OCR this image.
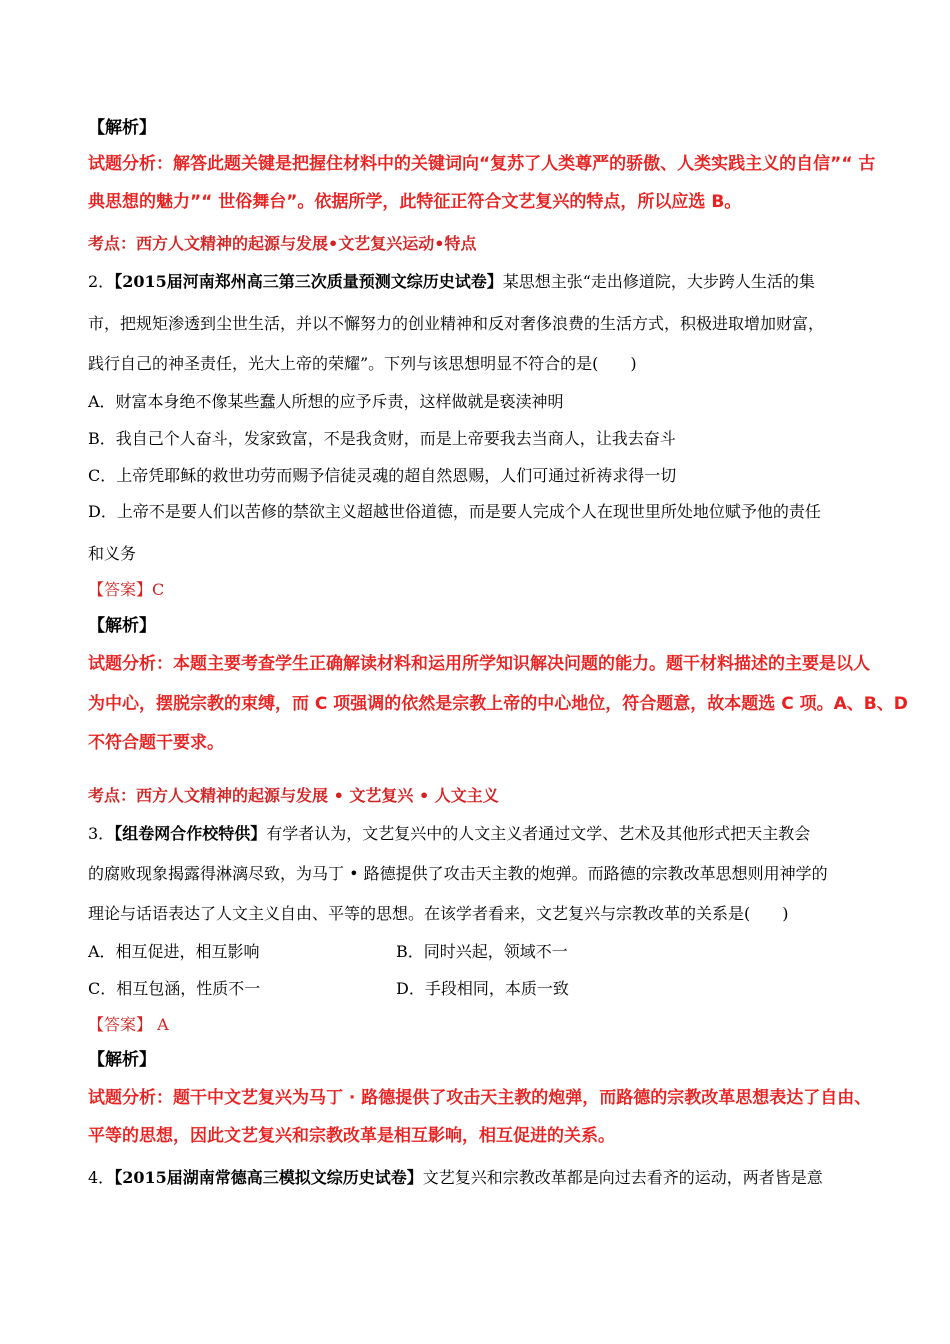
【解析】
试题分析：解答此题关键是把握住材料中的关键词向“复苏了人类尊严的骄傲、人类实践主义的自信”“ 古
典思想的魅力”“ 世俗舞台”。依据所学，此特征正符合文艺复兴的特点，所以应选 B。
考点：西方人文精神的起源与发展•文艺复兴运动•特点
2．【2015届河南郑州高三第三次质量预测文综历史试卷】某思想主张“走出修道院，大步跨人生活的集
市，把规矩渗透到尘世生活，并以不懈努力的创业精神和反对奢侈浪费的生活方式，积极进取增加财富，
践行自己的神圣责任，光大上帝的荣耀”。下列与该思想明显不符合的是(　　)
A．财富本身绝不像某些蠢人所想的应予斥责，这样做就是亵渎神明
B．我自己个人奋斗，发家致富，不是我贪财，而是上帝要我去当商人，让我去奋斗
C．上帝凭耶稣的救世功劳而赐予信徒灵魂的超自然恩赐，人们可通过祈祷求得一切
D．上帝不是要人们以苦修的禁欲主义超越世俗道德，而是要人完成个人在现世里所处地位赋予他的责任
和义务
【答案】C
【解析】
试题分析：本题主要考查学生正确解读材料和运用所学知识解决问题的能力。题干材料描述的主要是以人
为中心，摆脱宗教的束缚，而 C 项强调的依然是宗教上帝的中心地位，符合题意，故本题选 C 项。A、B、D
不符合题干要求。
考点：西方人文精神的起源与发展 • 文艺复兴 • 人文主义
3．【组卷网合作校特供】有学者认为，文艺复兴中的人文主义者通过文学、艺术及其他形式把天主教会
的腐败现象揭露得淋漓尽致，为马丁 • 路德提供了攻击天主教的炮弹。而路德的宗教改革思想则用神学的
理论与话语表达了人文主义自由、平等的思想。在该学者看来，文艺复兴与宗教改革的关系是(　　)
A．相互促进，相互影响	B．同时兴起，领域不一
C．相互包涵，性质不一	D．手段相同，本质一致
【答案】 A
【解析】
试题分析：题干中文艺复兴为马丁 · 路德提供了攻击天主教的炮弹，而路德的宗教改革思想表达了自由、
平等的思想，因此文艺复兴和宗教改革是相互影响，相互促进的关系。
4．【2015届湖南常德高三模拟文综历史试卷】文艺复兴和宗教改革都是向过去看齐的运动，两者皆是意
